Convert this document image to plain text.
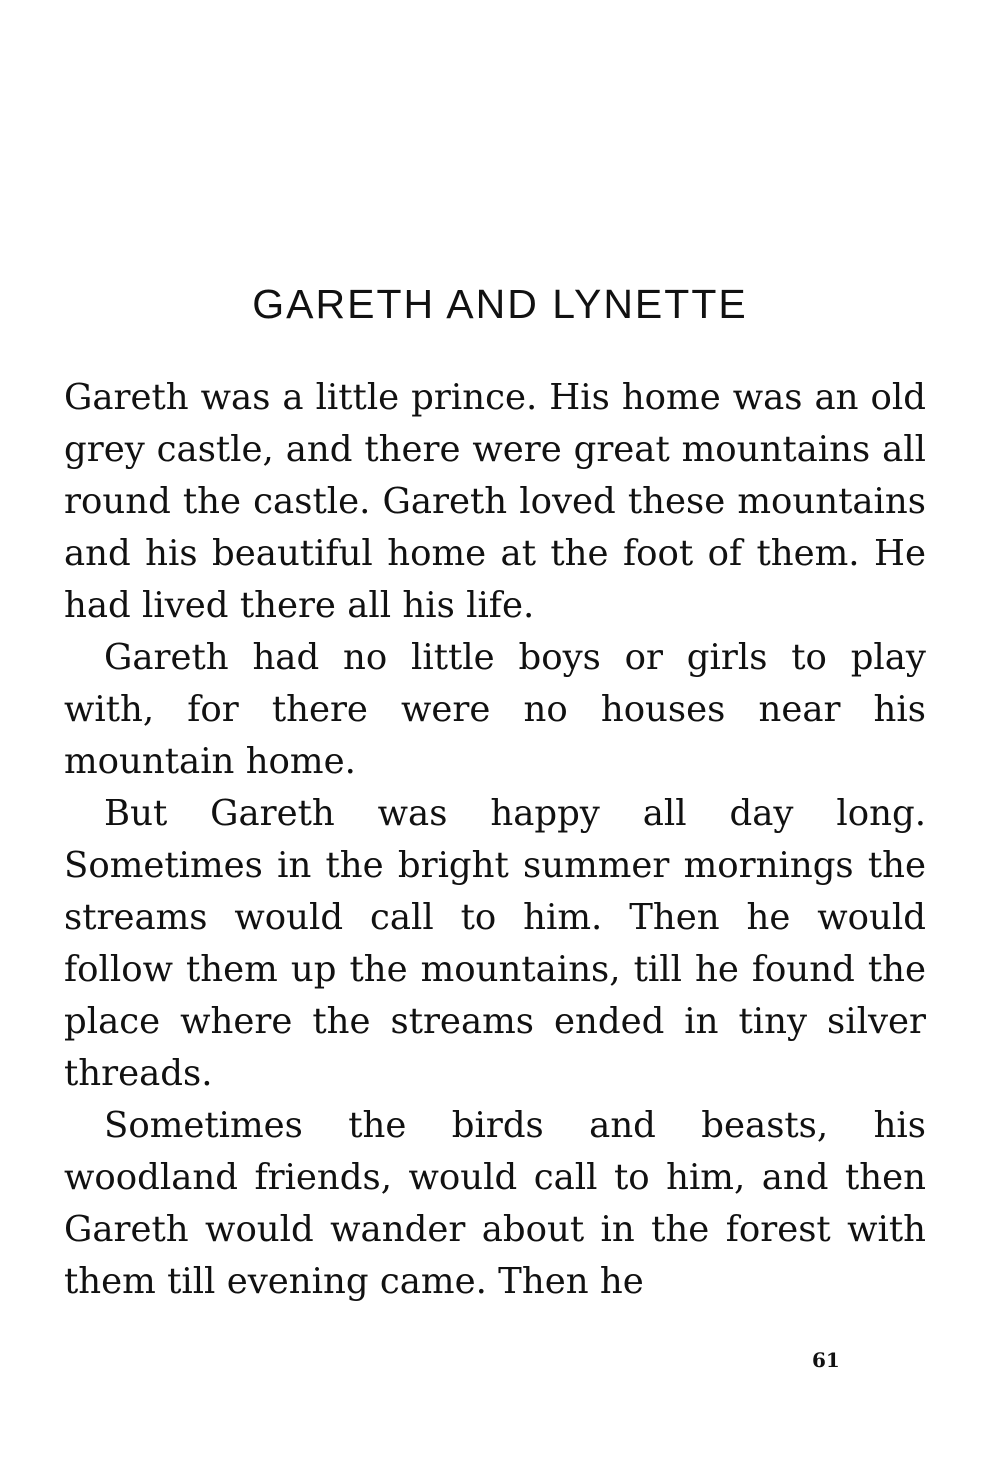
GARETH AND LYNETTE

Gareth was a little prince. His home was an old grey castle, and there were great mountains all round the castle. Gareth loved these mountains and his beautiful home at the foot of them. He had lived there all his life.

Gareth had no little boys or girls to play with, for there were no houses near his mountain home.

But Gareth was happy all day long. Sometimes in the bright summer mornings the streams would call to him. Then he would follow them up the mountains, till he found the place where the streams ended in tiny silver threads.

Sometimes the birds and beasts, his woodland friends, would call to him, and then Gareth would wander about in the forest with them till evening came. Then he

61
